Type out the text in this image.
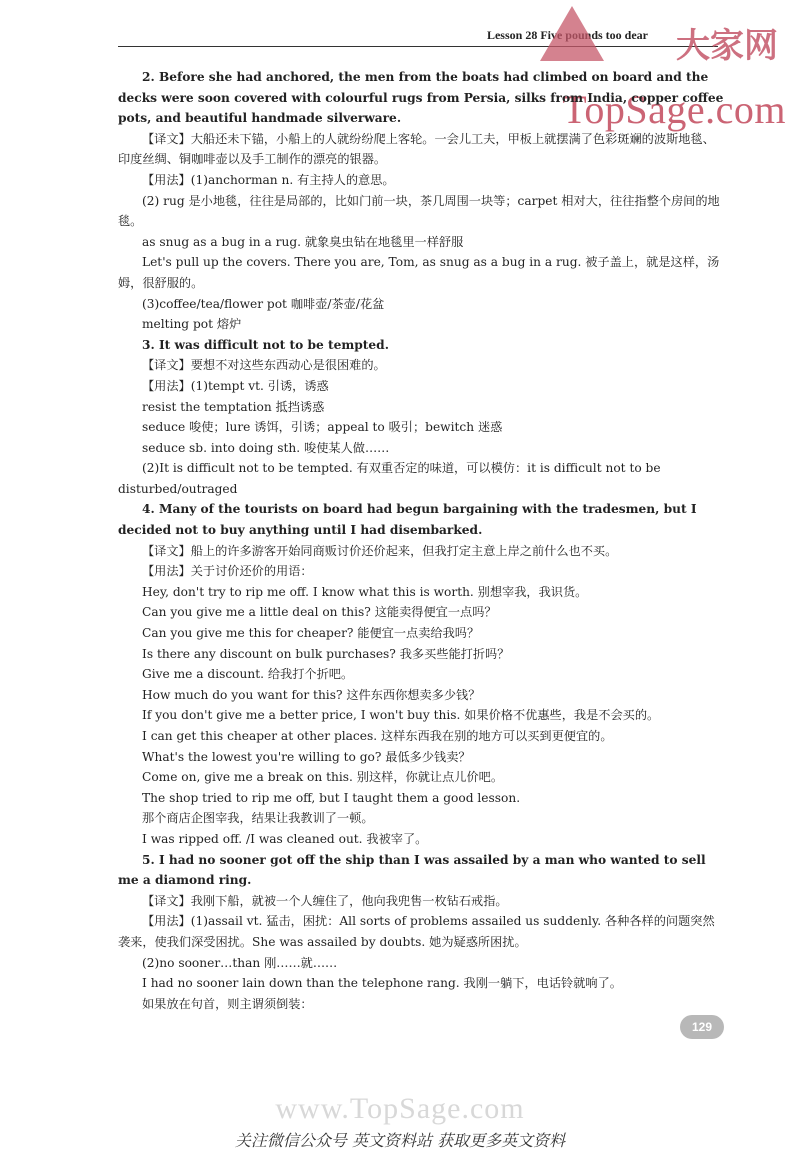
Lesson 28 Five pounds too dear 大家网
TopSage.com

2. Before she had anchored, the men from the boats had climbed on board and the decks were soon covered with colourful rugs from Persia, silks from India, copper coffee pots, and beautiful handmade silverware.

【译文】大船还未下锚，小船上的人就纷纷爬上客轮。一会儿工夫，甲板上就摆满了色彩斑斓的波斯地毯、印度丝绸、铜咖啡壶以及手工制作的漂亮的银器。

【用法】(1)anchorman n. 有主持人的意思。

(2) rug 是小地毯，往往是局部的，比如门前一块，茶几周围一块等；carpet 相对大，往往指整个房间的地毯。

as snug as a bug in a rug. 就象臭虫钻在地毯里一样舒服

Let's pull up the covers. There you are, Tom, as snug as a bug in a rug. 被子盖上，就是这样，汤姆，很舒服的。

(3)coffee/tea/flower pot 咖啡壶/茶壶/花盆

melting pot 熔炉

3. It was difficult not to be tempted.

【译文】要想不对这些东西动心是很困难的。

【用法】(1)tempt vt. 引诱，诱惑

resist the temptation 抵挡诱惑

seduce 唆使；lure 诱饵，引诱；appeal to 吸引；bewitch 迷惑

seduce sb. into doing sth. 唆使某人做……

(2)It is difficult not to be tempted. 有双重否定的味道，可以模仿：it is difficult not to be disturbed/outraged

4. Many of the tourists on board had begun bargaining with the tradesmen, but I decided not to buy anything until I had disembarked.

【译文】船上的许多游客开始同商贩讨价还价起来，但我打定主意上岸之前什么也不买。

【用法】关于讨价还价的用语：

Hey, don't try to rip me off. I know what this is worth. 别想宰我，我识货。

Can you give me a little deal on this? 这能卖得便宜一点吗？

Can you give me this for cheaper? 能便宜一点卖给我吗？

Is there any discount on bulk purchases? 我多买些能打折吗？

Give me a discount. 给我打个折吧。

How much do you want for this? 这件东西你想卖多少钱？

If you don't give me a better price, I won't buy this. 如果价格不优惠些，我是不会买的。

I can get this cheaper at other places. 这样东西我在别的地方可以买到更便宜的。

What's the lowest you're willing to go? 最低多少钱卖？

Come on, give me a break on this. 别这样，你就让点儿价吧。

The shop tried to rip me off, but I taught them a good lesson.

那个商店企图宰我，结果让我教训了一顿。

I was ripped off. /I was cleaned out. 我被宰了。

5. I had no sooner got off the ship than I was assailed by a man who wanted to sell me a diamond ring.

【译文】我刚下船，就被一个人缠住了，他向我兜售一枚钻石戒指。

【用法】(1)assail vt. 猛击，困扰：All sorts of problems assailed us suddenly. 各种各样的问题突然袭来，使我们深受困扰。She was assailed by doubts. 她为疑惑所困扰。

(2)no sooner…than 刚……就……

I had no sooner lain down than the telephone rang. 我刚一躺下，电话铃就响了。

如果放在句首，则主谓须倒装：

129
www.TopSage.com
关注微信公众号 英文资料站 获取更多英文资料
